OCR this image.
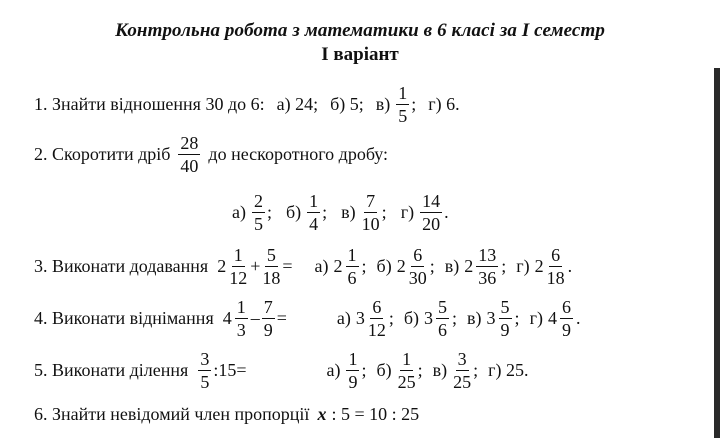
Контрольна робота з математики в 6 класі за I семестр
I варіант
1. Знайти відношення 30 до 6: а) 24; б) 5; $в) \frac{1}{5}$ ; г) 6.
2. Скоротити дріб $\frac{28}{40}$ до нескоротного дробу:
$а) \frac{2}{5}$ ; $б) \frac{1}{4}$ ; $в) \frac{7}{10}$ ; $г) \frac{14}{20}$ .
3. Виконати додавання $2 \frac{1}{12} + \frac{5}{18} = а$) $2 \frac{1}{6}$ ; б) $2 \frac{6}{30}$ ; в) $2 \frac{13}{36}$ ; г) $2 \frac{6}{18}$ .
4. Виконати віднімання $4 \frac{1}{3} - \frac{7}{9}$ =	а) $3 \frac{6}{12}$ ; б) $3 \frac{5}{6}$ ; в) $3 \frac{5}{9}$ ; г) $4 \frac{6}{9}$ .
5. Виконати ділення $\frac{3}{5}$ :15=	$а) \frac{1}{9}$ ; $б) \frac{1}{25}$ ; $в) \frac{3}{25}$ ; г) 25.
6. Знайти невідомий член пропорції x : 5 = 10 : 25
